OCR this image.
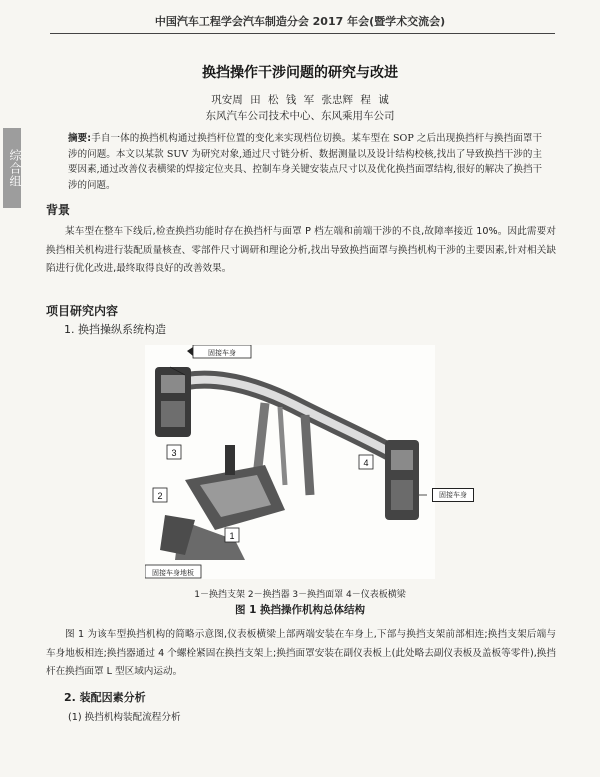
中国汽车工程学会汽车制造分会 2017 年会(暨学术交流会)
综合组
换挡操作干涉问题的研究与改进
巩安周 田 松 钱 军 张忠辉 程 诚
东风汽车公司技术中心、东风乘用车公司
摘要:手自一体的换挡机构通过换挡杆位置的变化来实现档位切换。某车型在 SOP 之后出现换挡杆与换挡面罩干涉的问题。本文以某款 SUV 为研究对象,通过尺寸链分析、数据测量以及设计结构校核,找出了导致换挡干涉的主要因素,通过改善仪表横梁的焊接定位夹具、控制车身关键安装点尺寸以及优化换挡面罩结构,很好的解决了换挡干涉的问题。
背景
某车型在整车下线后,检查换挡功能时存在换挡杆与面罩 P 档左端和前端干涉的不良,故障率接近 10%。因此需要对换挡相关机构进行装配质量核查、零部件尺寸调研和理论分析,找出导致换挡面罩与换挡机构干涉的主要因素,针对相关缺陷进行优化改进,最终取得良好的改善效果。
项目研究内容
1. 换挡操纵系统构造
3
2
1
4
固接车身
固接车身地板
固接车身
1－换挡支架 2－换挡器 3－换挡面罩 4－仪表板横梁
图 1 换挡操作机构总体结构
图 1 为该车型换挡机构的简略示意图,仪表板横梁上部两端安装在车身上,下部与换挡支架前部相连;换挡支架后端与车身地板相连;换挡器通过 4 个螺栓紧固在换挡支架上;换挡面罩安装在副仪表板上(此处略去副仪表板及盖板等零件),换挡杆在换挡面罩 L 型区域内运动。
2. 装配因素分析
(1) 换挡机构装配流程分析
